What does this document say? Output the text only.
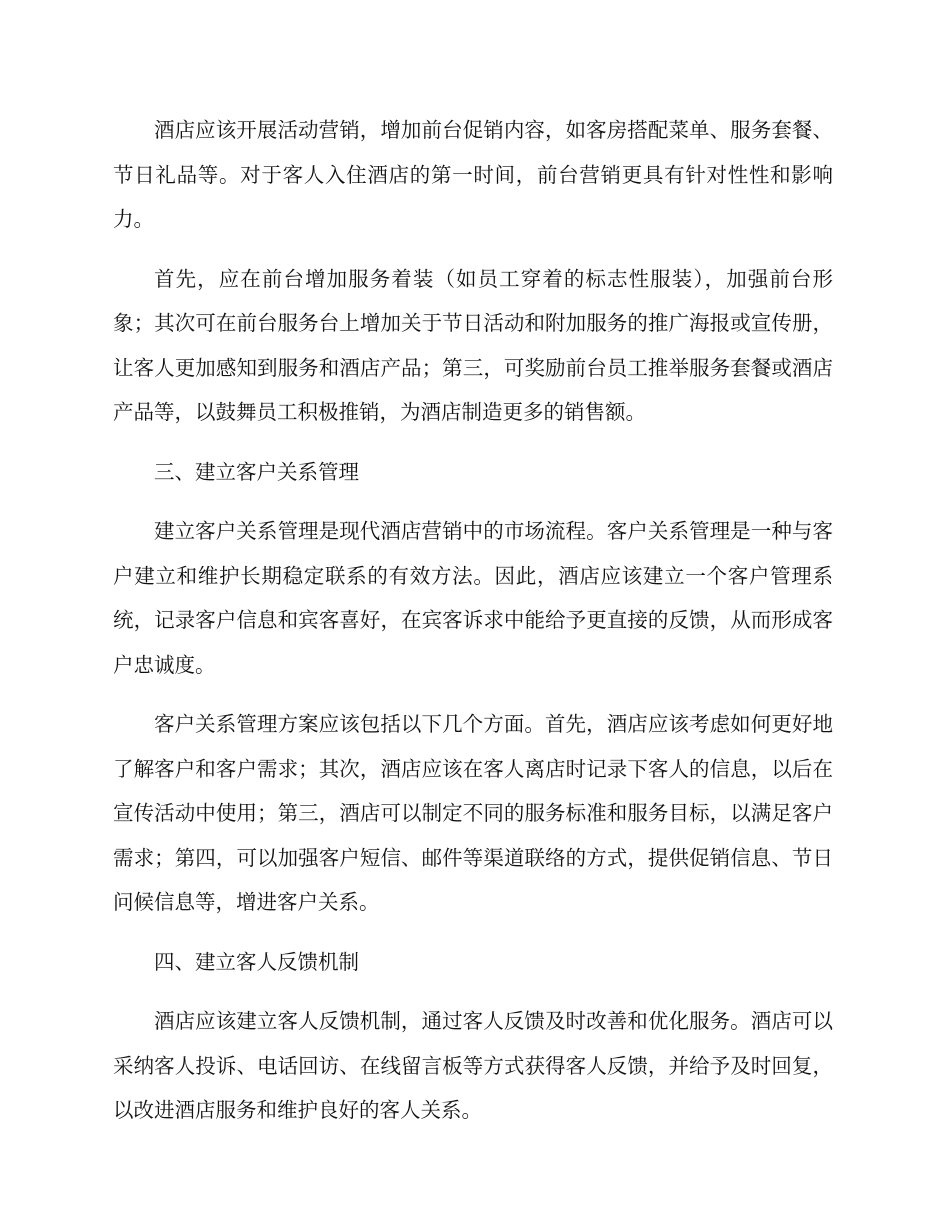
酒店应该开展活动营销，增加前台促销内容，如客房搭配菜单、服务套餐、节日礼品等。对于客人入住酒店的第一时间，前台营销更具有针对性性和影响力。

首先，应在前台增加服务着装（如员工穿着的标志性服装），加强前台形象；其次可在前台服务台上增加关于节日活动和附加服务的推广海报或宣传册，让客人更加感知到服务和酒店产品；第三，可奖励前台员工推举服务套餐或酒店产品等，以鼓舞员工积极推销，为酒店制造更多的销售额。

三、建立客户关系管理

建立客户关系管理是现代酒店营销中的市场流程。客户关系管理是一种与客户建立和维护长期稳定联系的有效方法。因此，酒店应该建立一个客户管理系统，记录客户信息和宾客喜好，在宾客诉求中能给予更直接的反馈，从而形成客户忠诚度。

客户关系管理方案应该包括以下几个方面。首先，酒店应该考虑如何更好地了解客户和客户需求；其次，酒店应该在客人离店时记录下客人的信息，以后在宣传活动中使用；第三，酒店可以制定不同的服务标准和服务目标，以满足客户需求；第四，可以加强客户短信、邮件等渠道联络的方式，提供促销信息、节日问候信息等，增进客户关系。

四、建立客人反馈机制

酒店应该建立客人反馈机制，通过客人反馈及时改善和优化服务。酒店可以采纳客人投诉、电话回访、在线留言板等方式获得客人反馈，并给予及时回复，以改进酒店服务和维护良好的客人关系。
